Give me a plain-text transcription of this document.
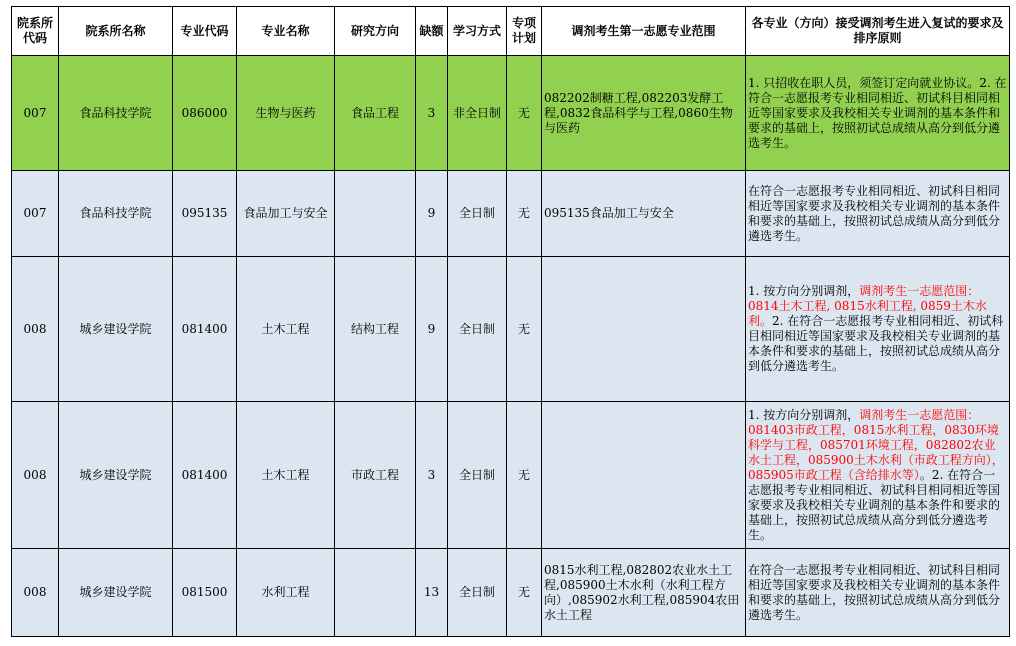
院系所代码	院系所名称	专业代码	专业名称	研究方向	缺额	学习方式	专项计划	调剂考生第一志愿专业范围	各专业（方向）接受调剂考生进入复试的要求及排序原则
007	食品科技学院	086000	生物与医药	食品工程	3	非全日制	无	082202制糖工程,082203发酵工程,0832食品科学与工程,0860生物与医药	1. 只招收在职人员，须签订定向就业协议。2. 在符合一志愿报考专业相同相近、初试科目相同相近等国家要求及我校相关专业调剂的基本条件和要求的基础上，按照初试总成绩从高分到低分遴选考生。
007	食品科技学院	095135	食品加工与安全		9	全日制	无	095135食品加工与安全	在符合一志愿报考专业相同相近、初试科目相同相近等国家要求及我校相关专业调剂的基本条件和要求的基础上，按照初试总成绩从高分到低分遴选考生。
008	城乡建设学院	081400	土木工程	结构工程	9	全日制	无		1. 按方向分别调剂，调剂考生一志愿范围：0814土木工程, 0815水利工程, 0859土木水利。2. 在符合一志愿报考专业相同相近、初试科目相同相近等国家要求及我校相关专业调剂的基本条件和要求的基础上，按照初试总成绩从高分到低分遴选考生。
008	城乡建设学院	081400	土木工程	市政工程	3	全日制	无		1. 按方向分别调剂，调剂考生一志愿范围：081403市政工程，0815水利工程，0830环境科学与工程，085701环境工程，082802农业水土工程，085900土木水利（市政工程方向），085905市政工程（含给排水等）。2. 在符合一志愿报考专业相同相近、初试科目相同相近等国家要求及我校相关专业调剂的基本条件和要求的基础上，按照初试总成绩从高分到低分遴选考生。
008	城乡建设学院	081500	水利工程		13	全日制	无	0815水利工程,082802农业水土工程,085900土木水利（水利工程方向）,085902水利工程,085904农田水土工程	在符合一志愿报考专业相同相近、初试科目相同相近等国家要求及我校相关专业调剂的基本条件和要求的基础上，按照初试总成绩从高分到低分遴选考生。
